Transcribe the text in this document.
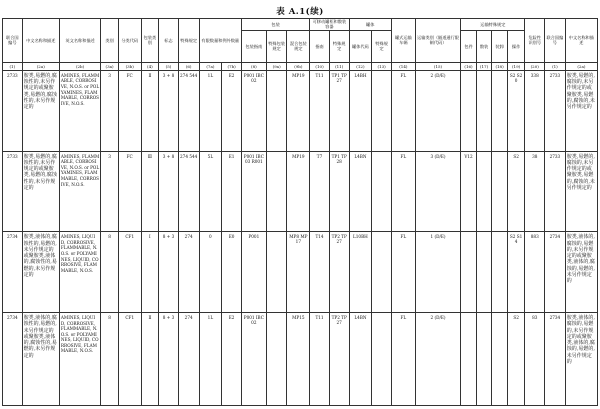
表 A.1(续)
联合国编号	中文名称和描述	英文名称和描述	类别	分类代码	包装类别	标志	特殊规定	有限数量和例外数量		包装			可移动罐柜和散装容器		罐体		罐式运输车辆	运输类别（隧道通行限制代码）	运输特殊规定				危险性识别号	联合国编号	中文名称和描述
										包装指南	特殊包装规定	混合包装规定	指南	特殊规定	罐体代码	特殊规定			包件	散装	装卸	操作			
(1)	(2a)	(2b)	(3a)	(3b)	(4)	(5)	(6)	(7a)	(7b)	(8)	(9a)	(9b)	(10)	(11)	(12)	(13)	(14)	(15)	(16)	(17)	(18)	(19)	(20)	(1)	(2a)
2733	胺类,易燃的,腐蚀性的,未另作规定的或聚胺类,易燃的,腐蚀性的,未另作规定的	AMINES, FLAMMABLE, CORROSIVE, N.O.S. or POLYAMINES, FLAMMABLE, CORROSIVE, N.O.S.	3	FC	Ⅱ	3 + 8	274 544	1L	E2	P001 IBC02		MP19	T11	TP1 TP27	L4BH		FL	2 (D/E)				S2 S20	338	2733	胺类,易燃的,腐蚀的,未另作规定的或聚胺类,易燃的,腐蚀的,未另作规定的
2733	胺类,易燃的,腐蚀性的,未另作规定的或聚胺类,易燃的,腐蚀性的,未另作规定的	AMINES, FLAMMABLE, CORROSIVE, N.O.S. or POLYAMINES, FLAMMABLE, CORROSIVE, N.O.S.	3	FC	Ⅲ	3 + 8	274 544	5L	E1	P001 IBC03 R001		MP19	T7	TP1 TP28	L4BN		FL	3 (D/E)	V12			S2	38	2733	胺类,易燃的,腐蚀的,未另作规定的或聚胺类,易燃的,腐蚀的,未另作规定的
2734	胺类,液体的,腐蚀性的,易燃的,未另作规定的或聚胺类,液体的,腐蚀性的,易燃的,未另作规定的	AMINES, LIQUID, CORROSIVE, FLAMMABLE, N.O.S. or POLYAMINES, LIQUID, CORROSIVE, FLAMMABLE, N.O.S.	8	CF1	Ⅰ	8 + 3	274	0	E0	P001		MP8 MP17	T14	TP2 TP27	L10BH		FL	1 (D/E)				S2 S14	883	2734	胺类,液体的,腐蚀的,易燃的,未另作规定的或聚胺类,液体的,腐蚀的,易燃的,未另作规定的
2734	胺类,液体的,腐蚀性的,易燃的,未另作规定的或聚胺类,液体的,腐蚀性的,易燃的,未另作规定的	AMINES, LIQUID, CORROSIVE, FLAMMABLE, N.O.S. or POLYAMINES, LIQUID, CORROSIVE, FLAMMABLE, N.O.S.	8	CF1	Ⅱ	8 + 3	274	1L	E2	P001 IBC02		MP15	T11	TP2 TP27	L4BN		FL	2 (D/E)				S2	83	2734	胺类,液体的,腐蚀的,易燃的,未另作规定的或聚胺类,液体的,腐蚀的,易燃的,未另作规定的
